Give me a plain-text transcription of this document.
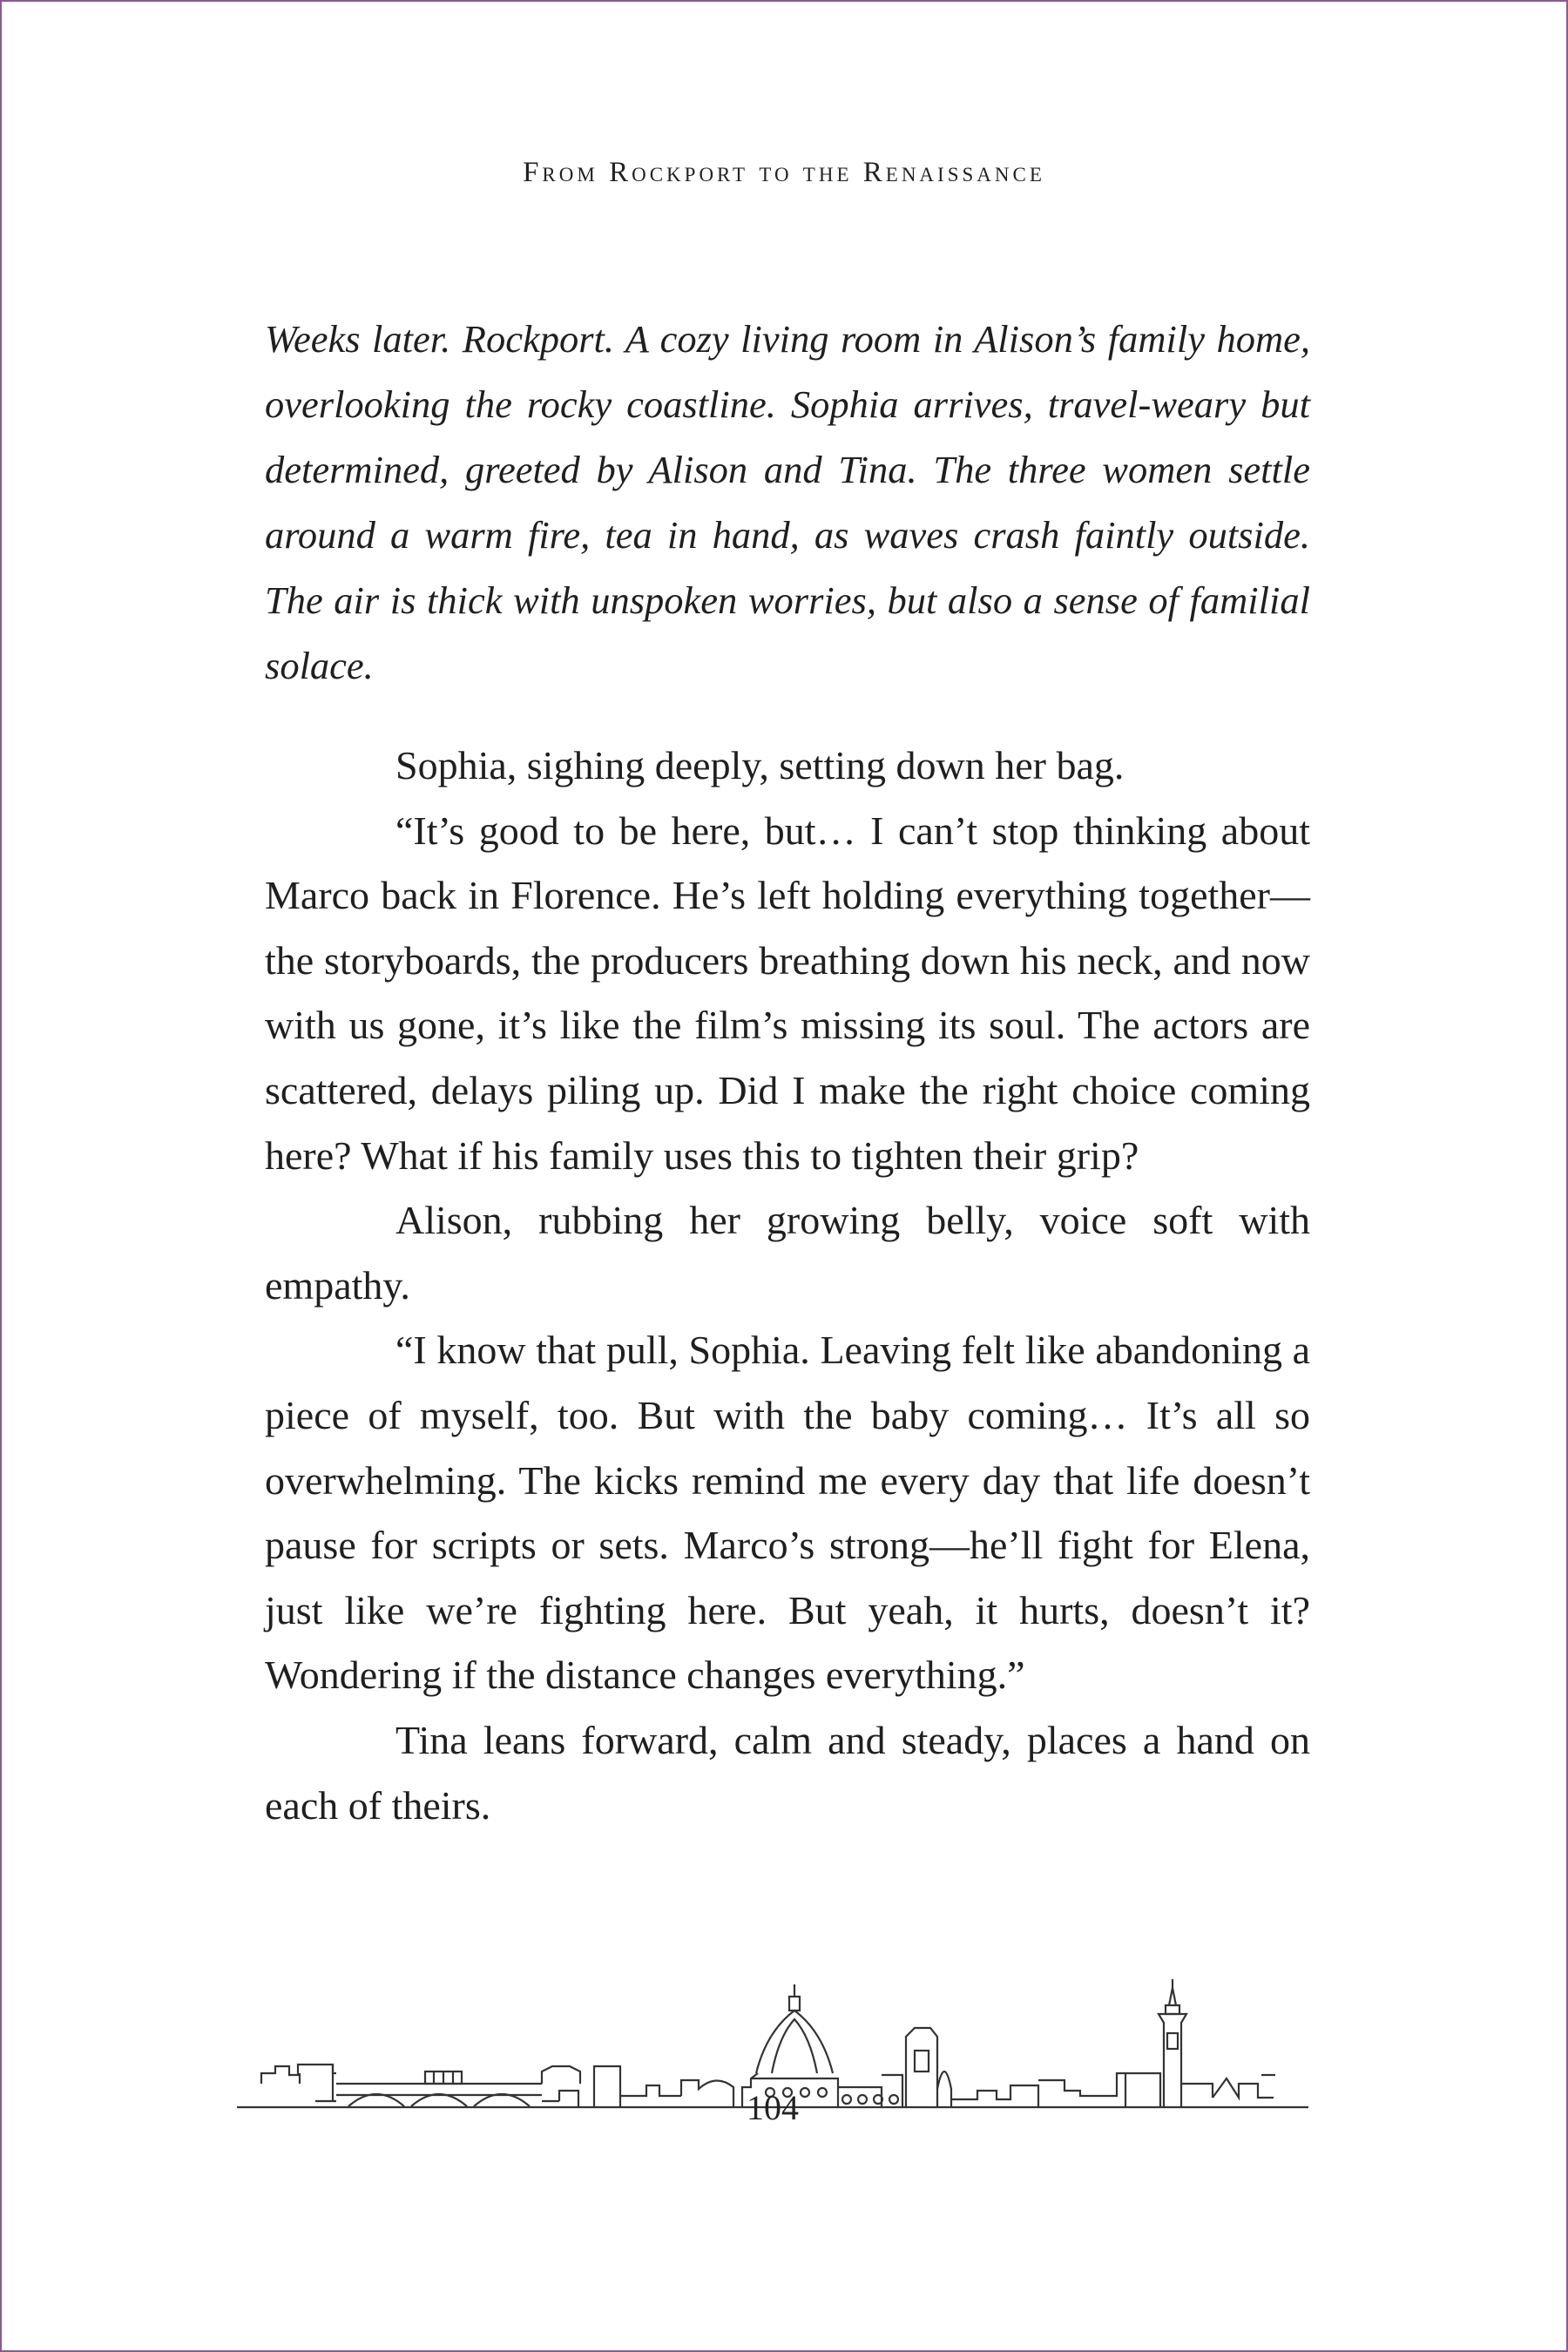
From Rockport to the Renaissance

Weeks later. Rockport. A cozy living room in Alison’s family home, overlooking the rocky coastline. Sophia arrives, travel-weary but determined, greeted by Alison and Tina. The three women settle around a warm fire, tea in hand, as waves crash faintly outside. The air is thick with unspoken worries, but also a sense of familial solace.

Sophia, sighing deeply, setting down her bag.

“It’s good to be here, but… I can’t stop thinking about Marco back in Florence. He’s left holding everything together—the storyboards, the producers breathing down his neck, and now with us gone, it’s like the film’s missing its soul. The actors are scattered, delays piling up. Did I make the right choice coming here? What if his family uses this to tighten their grip?

Alison, rubbing her growing belly, voice soft with empathy.

“I know that pull, Sophia. Leaving felt like abandoning a piece of myself, too. But with the baby coming… It’s all so overwhelming. The kicks remind me every day that life doesn’t pause for scripts or sets. Marco’s strong—he’ll fight for Elena, just like we’re fighting here. But yeah, it hurts, doesn’t it? Wondering if the distance changes everything.”

Tina leans forward, calm and steady, places a hand on each of theirs.

104
